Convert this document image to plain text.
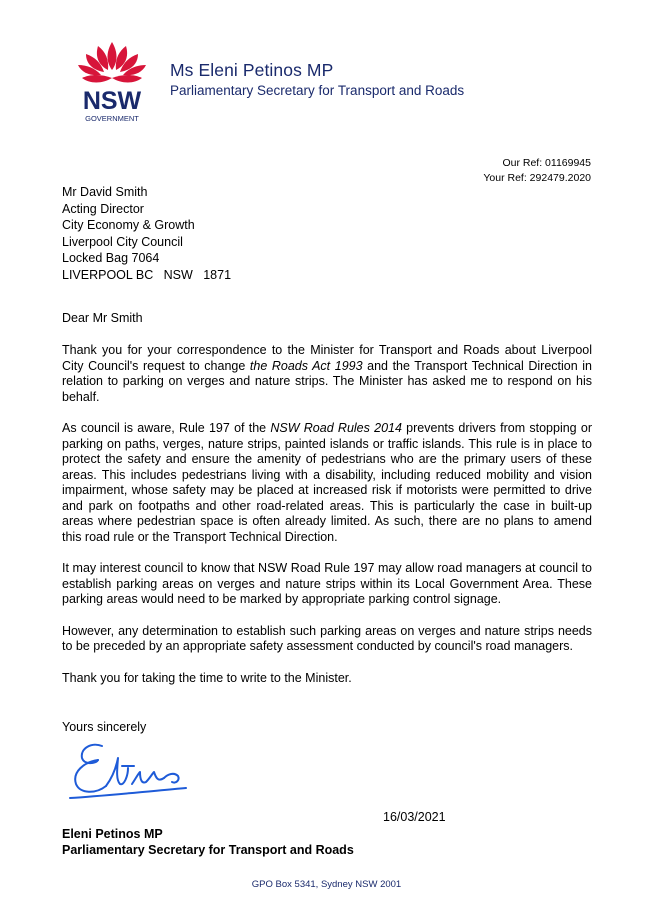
NSW
GOVERNMENT
Ms Eleni Petinos MP
Parliamentary Secretary for Transport and Roads
Our Ref: 01169945
Your Ref: 292479.2020
Mr David Smith
Acting Director
City Economy & Growth
Liverpool City Council
Locked Bag 7064
LIVERPOOL BC   NSW   1871
Dear Mr Smith

Thank you for your correspondence to the Minister for Transport and Roads about Liverpool City Council's request to change the Roads Act 1993 and the Transport Technical Direction in relation to parking on verges and nature strips. The Minister has asked me to respond on his behalf.

As council is aware, Rule 197 of the NSW Road Rules 2014 prevents drivers from stopping or parking on paths, verges, nature strips, painted islands or traffic islands. This rule is in place to protect the safety and ensure the amenity of pedestrians who are the primary users of these areas. This includes pedestrians living with a disability, including reduced mobility and vision impairment, whose safety may be placed at increased risk if motorists were permitted to drive and park on footpaths and other road-related areas. This is particularly the case in built-up areas where pedestrian space is often already limited. As such, there are no plans to amend this road rule or the Transport Technical Direction.

It may interest council to know that NSW Road Rule 197 may allow road managers at council to establish parking areas on verges and nature strips within its Local Government Area. These parking areas would need to be marked by appropriate parking control signage.

However, any determination to establish such parking areas on verges and nature strips needs to be preceded by an appropriate safety assessment conducted by council's road managers.

Thank you for taking the time to write to the Minister.

Yours sincerely
16/03/2021
Eleni Petinos MP
Parliamentary Secretary for Transport and Roads
GPO Box 5341, Sydney NSW 2001
